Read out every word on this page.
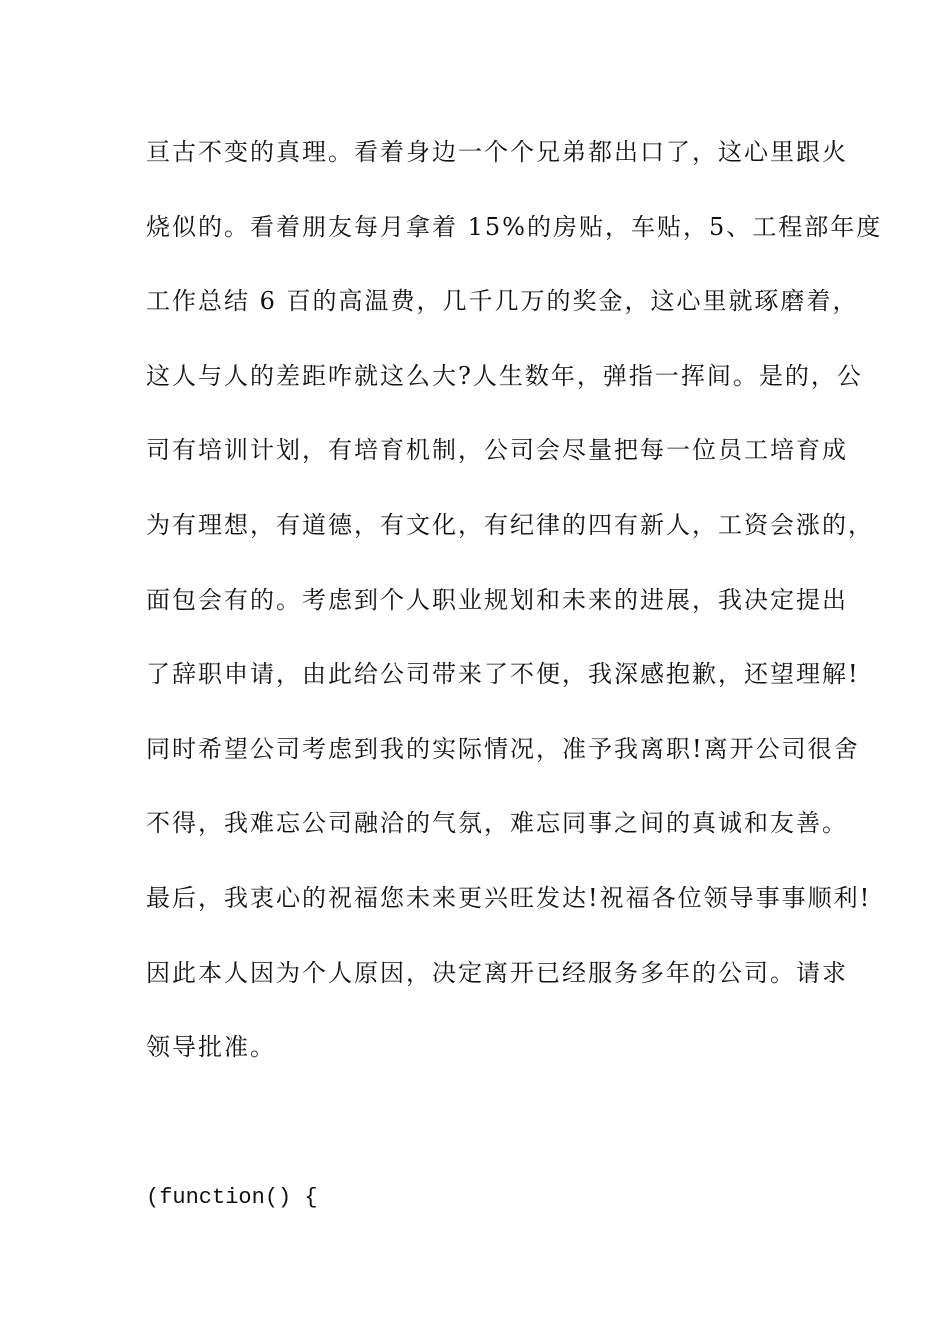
亘古不变的真理。看着身边一个个兄弟都出口了，这心里跟火
烧似的。看着朋友每月拿着 15%的房贴，车贴，5、工程部年度
工作总结 6 百的高温费，几千几万的奖金，这心里就琢磨着，
这人与人的差距咋就这么大?人生数年，弹指一挥间。是的，公
司有培训计划，有培育机制，公司会尽量把每一位员工培育成
为有理想，有道德，有文化，有纪律的四有新人，工资会涨的，
面包会有的。考虑到个人职业规划和未来的进展，我决定提出
了辞职申请，由此给公司带来了不便，我深感抱歉，还望理解!
同时希望公司考虑到我的实际情况，准予我离职!离开公司很舍
不得，我难忘公司融洽的气氛，难忘同事之间的真诚和友善。
最后，我衷心的祝福您未来更兴旺发达!祝福各位领导事事顺利!
因此本人因为个人原因，决定离开已经服务多年的公司。请求
领导批准。
(function() {
